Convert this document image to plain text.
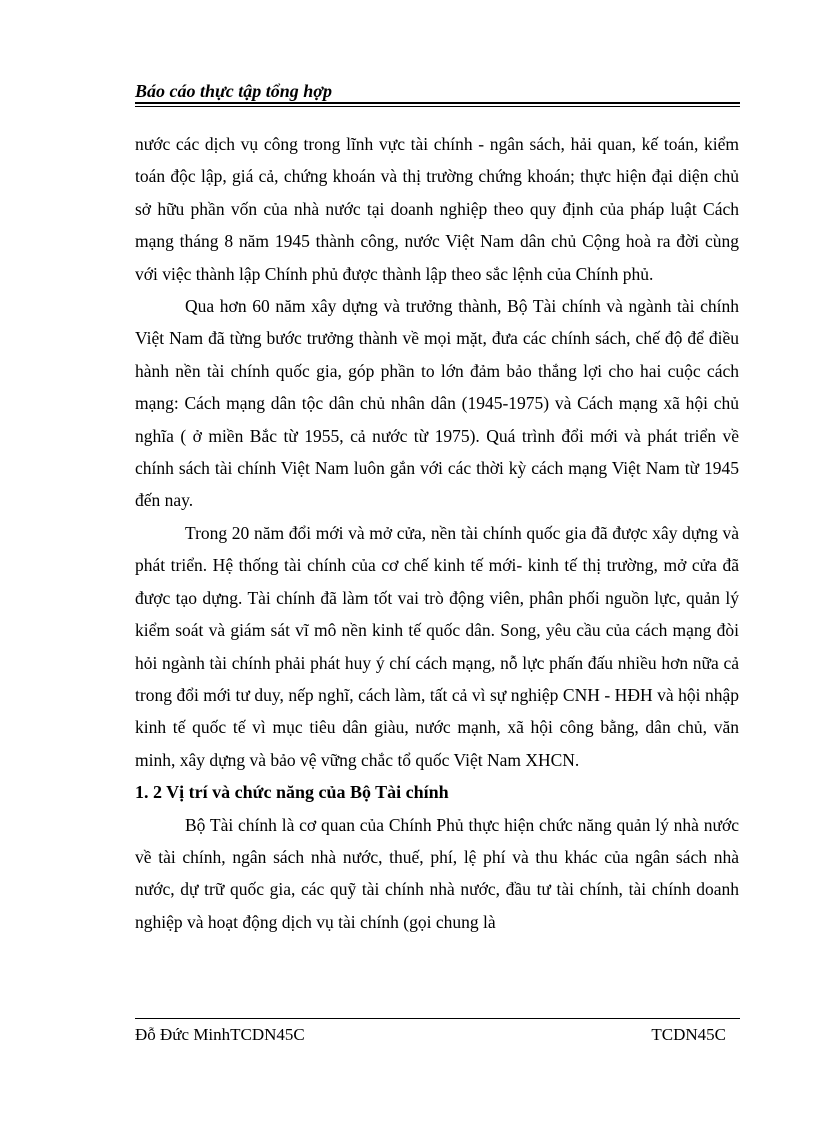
Báo cáo thực tập tổng hợp

nước các dịch vụ công trong lĩnh vực tài chính - ngân sách, hải quan, kế toán, kiểm toán độc lập, giá cả, chứng khoán và thị trường chứng khoán; thực hiện đại diện chủ sở hữu phần vốn của nhà nước tại doanh nghiệp theo quy định của pháp luật Cách mạng tháng 8 năm 1945 thành công, nước Việt Nam dân chủ Cộng hoà ra đời cùng với việc thành lập Chính phủ được thành lập theo sắc lệnh của Chính phủ.

Qua hơn 60 năm xây dựng và trưởng thành, Bộ Tài chính và ngành tài chính Việt Nam đã từng bước trưởng thành về mọi mặt, đưa các chính sách, chế độ để điều hành nền tài chính quốc gia, góp phần to lớn đảm bảo thắng lợi cho hai cuộc cách mạng: Cách mạng dân tộc dân chủ nhân dân (1945-1975) và Cách mạng xã hội chủ nghĩa ( ở miền Bắc từ 1955, cả nước từ 1975). Quá trình đổi mới và phát triển về chính sách tài chính Việt Nam luôn gắn với các thời kỳ cách mạng Việt Nam từ 1945 đến nay.

Trong 20 năm đổi mới và mở cửa, nền tài chính quốc gia đã được xây dựng và phát triển. Hệ thống tài chính của cơ chế kinh tế mới- kinh tế thị trường, mở cửa đã được tạo dựng. Tài chính đã làm tốt vai trò động viên, phân phối nguồn lực, quản lý kiểm soát và giám sát vĩ mô nền kinh tế quốc dân. Song, yêu cầu của cách mạng đòi hỏi ngành tài chính phải phát huy ý chí cách mạng, nỗ lực phấn đấu nhiều hơn nữa cả trong đổi mới tư duy, nếp nghĩ, cách làm, tất cả vì sự nghiệp CNH - HĐH và hội nhập kinh tế quốc tế vì mục tiêu dân giàu, nước mạnh, xã hội công bằng, dân chủ, văn minh, xây dựng và bảo vệ vững chắc tổ quốc Việt Nam XHCN.

1. 2 Vị trí và chức năng của Bộ Tài chính

Bộ Tài chính là cơ quan của Chính Phủ thực hiện chức năng quản lý nhà nước về tài chính, ngân sách nhà nước, thuế, phí, lệ phí và thu khác của ngân sách nhà nước, dự trữ quốc gia, các quỹ tài chính nhà nước, đầu tư tài chính, tài chính doanh nghiệp và hoạt động dịch vụ tài chính (gọi chung là

Đỗ Đức MinhTCDN45C	TCDN45C
